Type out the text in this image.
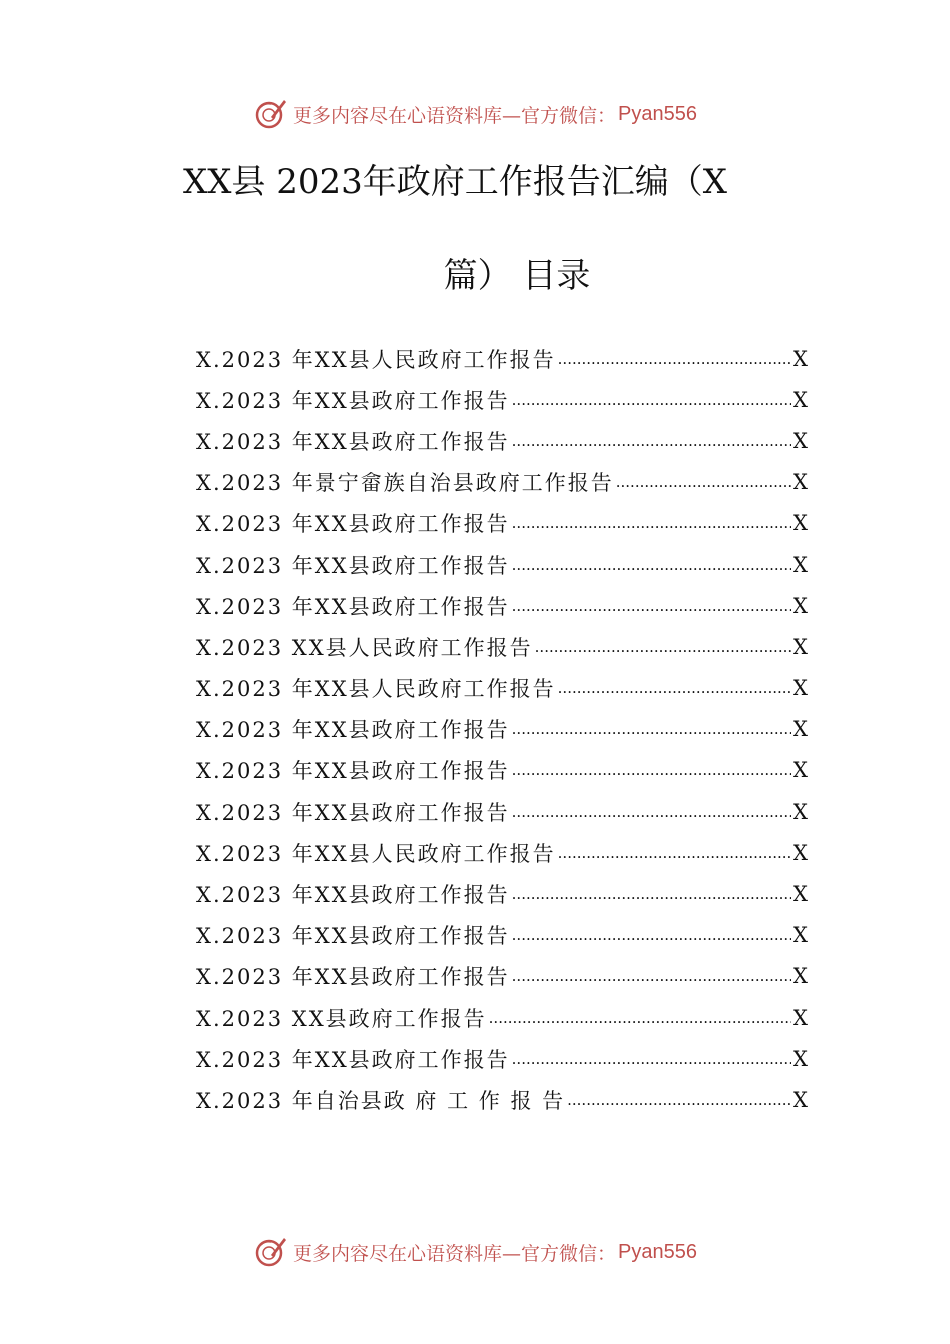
更多内容尽在心语资料库—官方微信： Pyan556
XX县 2023年政府工作报告汇编（X
篇） 目录
X.2023 年XX县人民政府工作报告 .....	X
X.2023 年XX县政府工作报告 .....	X
X.2023 年XX县政府工作报告 .....	X
X.2023 年景宁畲族自治县政府工作报告 .....	X
X.2023 年XX县政府工作报告 .....	X
X.2023 年XX县政府工作报告 .....	X
X.2023 年XX县政府工作报告 .....	X
X.2023 XX县人民政府工作报告 .....	X
X.2023 年XX县人民政府工作报告 .....	X
X.2023 年XX县政府工作报告 .....	X
X.2023 年XX县政府工作报告 .....	X
X.2023 年XX县政府工作报告 .....	X
X.2023 年XX县人民政府工作报告 .....	X
X.2023 年XX县政府工作报告 .....	X
X.2023 年XX县政府工作报告 .....	X
X.2023 年XX县政府工作报告 .....	X
X.2023 XX县政府工作报告 .....	X
X.2023 年XX县政府工作报告 .....	X
X.2023 年自治县政 府 工 作 报 告 .....	X
更多内容尽在心语资料库—官方微信： Pyan556
